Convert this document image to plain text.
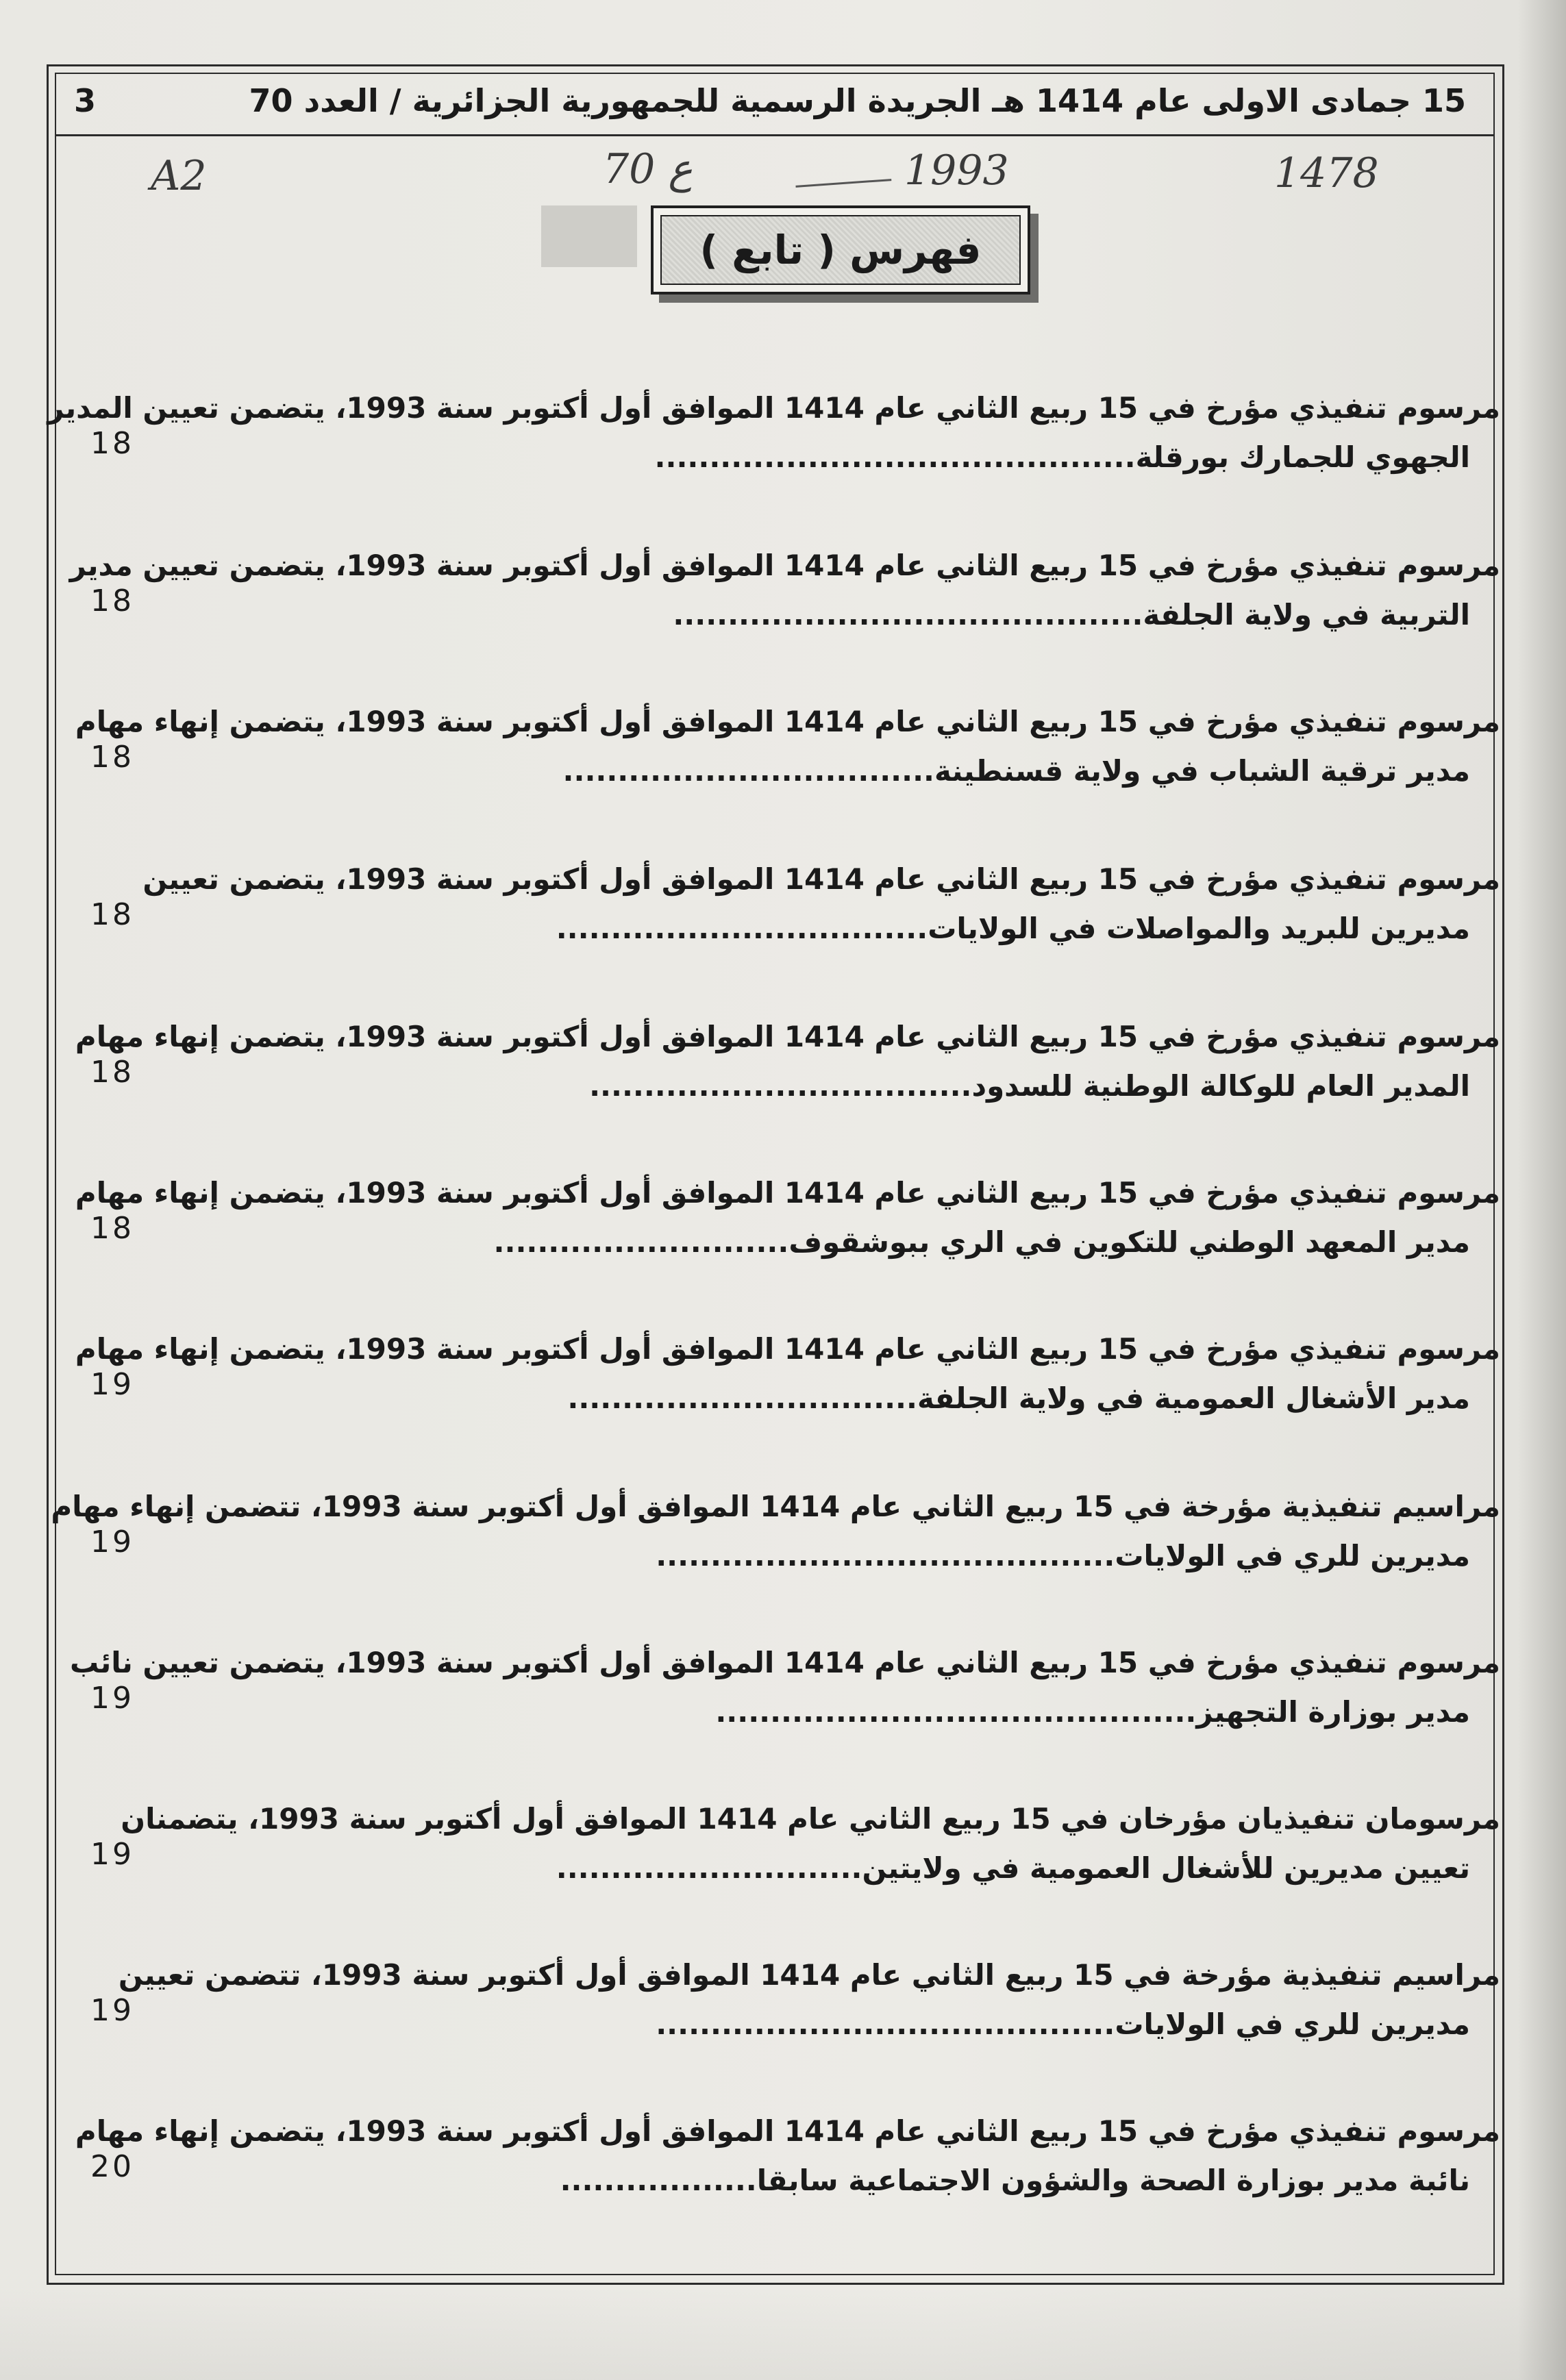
15 جمادى الاولى عام 1414 هـ الجريدة الرسمية للجمهورية الجزائرية / العدد 70
3
1478
1993
70 ع
A2
فهرس ( تابع )
مرسوم تنفيذي مؤرخ في 15 ربيع الثاني عام 1414 الموافق أول أكتوبر سنة 1993، يتضمن تعيين المدير
الجهوي للجمارك بورقلة............................................
18
مرسوم تنفيذي مؤرخ في 15 ربيع الثاني عام 1414 الموافق أول أكتوبر سنة 1993، يتضمن تعيين مدير
التربية في ولاية الجلفة...........................................
18
مرسوم تنفيذي مؤرخ في 15 ربيع الثاني عام 1414 الموافق أول أكتوبر سنة 1993، يتضمن إنهاء مهام
مدير ترقية الشباب في ولاية قسنطينة..................................
18
مرسوم تنفيذي مؤرخ في 15 ربيع الثاني عام 1414 الموافق أول أكتوبر سنة 1993، يتضمن تعيين
مديرين للبريد والمواصلات في الولايات..................................
18
مرسوم تنفيذي مؤرخ في 15 ربيع الثاني عام 1414 الموافق أول أكتوبر سنة 1993، يتضمن إنهاء مهام
المدير العام للوكالة الوطنية للسدود...................................
18
مرسوم تنفيذي مؤرخ في 15 ربيع الثاني عام 1414 الموافق أول أكتوبر سنة 1993، يتضمن إنهاء مهام
مدير المعهد الوطني للتكوين في الري ببوشقوف...........................
18
مرسوم تنفيذي مؤرخ في 15 ربيع الثاني عام 1414 الموافق أول أكتوبر سنة 1993، يتضمن إنهاء مهام
مدير الأشغال العمومية في ولاية الجلفة................................
19
مراسيم تنفيذية مؤرخة في 15 ربيع الثاني عام 1414 الموافق أول أكتوبر سنة 1993، تتضمن إنهاء مهام
مديرين للري في الولايات..........................................
19
مرسوم تنفيذي مؤرخ في 15 ربيع الثاني عام 1414 الموافق أول أكتوبر سنة 1993، يتضمن تعيين نائب
مدير بوزارة التجهيز............................................
19
مرسومان تنفيذيان مؤرخان في 15 ربيع الثاني عام 1414 الموافق أول أكتوبر سنة 1993، يتضمنان
تعيين مديرين للأشغال العمومية في ولايتين............................
19
مراسيم تنفيذية مؤرخة في 15 ربيع الثاني عام 1414 الموافق أول أكتوبر سنة 1993، تتضمن تعيين
مديرين للري في الولايات..........................................
19
مرسوم تنفيذي مؤرخ في 15 ربيع الثاني عام 1414 الموافق أول أكتوبر سنة 1993، يتضمن إنهاء مهام
نائبة مدير بوزارة الصحة والشؤون الاجتماعية سابقا..................
20
